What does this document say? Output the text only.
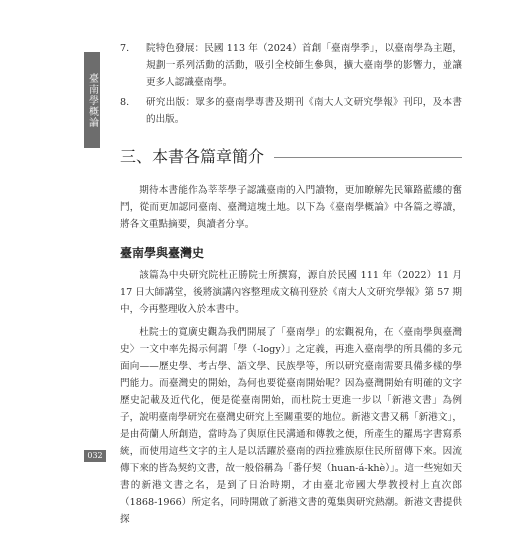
臺南學概論
7. 院特色發展：民國 113 年（2024）首創「臺南學季」，以臺南學為主題，規劃一系列活動的活動，吸引全校師生參與，擴大臺南學的影響力，並讓更多人認識臺南學。
8. 研究出版：眾多的臺南學專書及期刊《南大人文研究學報》刊印，及本書的出版。
三、本書各篇章簡介

期待本書能作為莘莘學子認識臺南的入門讀物，更加瞭解先民篳路藍縷的奮鬥，從而更加認同臺南、臺灣這塊土地。以下為《臺南學概論》中各篇之導讀，將各文重點摘要，與讀者分享。

臺南學與臺灣史

該篇為中央研究院杜正勝院士所撰寫，源自於民國 111 年（2022）11 月 17 日大師講堂，後將演講內容整理成文稿刊登於《南大人文研究學報》第 57 期中，今再整理收入於本書中。

杜院士的寬廣史觀為我們開展了「臺南學」的宏觀視角，在〈臺南學與臺灣史〉一文中率先揭示何謂「學（-logy）」之定義，再進入臺南學的所具備的多元面向——歷史學、考古學、語文學、民族學等，所以研究臺南需要具備多樣的學門能力。而臺灣史的開始，為何也要從臺南開始呢？因為臺灣開始有明確的文字歷史記載及近代化，便是從臺南開始，而杜院士更進一步以「新港文書」為例子，說明臺南學研究在臺灣史研究上至關重要的地位。新港文書又稱「新港文」，是由荷蘭人所創造，當時為了與原住民溝通和傳教之便，所產生的羅馬字書寫系統，而使用這些文字的主人是以活躍於臺南的西拉雅族原住民所留傳下來。因流傳下來的皆為契約文書，故一般俗稱為「番仔契（huan-á-khè）」。這一些宛如天書的新港文書之名，是到了日治時期，才由臺北帝國大學教授村上直次郎（1868-1966）所定名，同時開啟了新港文書的蒐集與研究熱潮。新港文書提供探

032
